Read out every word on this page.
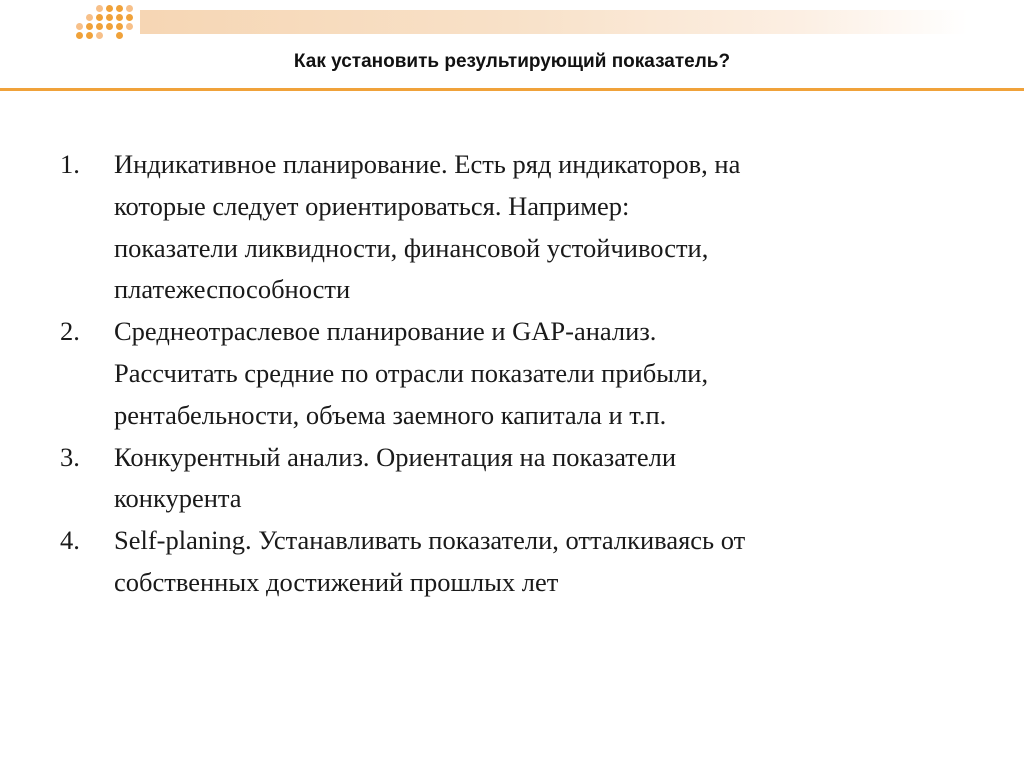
Как установить результирующий показатель?
1. Индикативное планирование. Есть ряд индикаторов, на
которые следует ориентироваться. Например:
показатели ликвидности, финансовой устойчивости,
платежеспособности
2. Среднеотраслевое планирование и GAP-анализ.
Рассчитать средние по отрасли показатели прибыли,
рентабельности, объема заемного капитала и т.п.
3. Конкурентный анализ. Ориентация на показатели
конкурента
4. Self-planing. Устанавливать показатели, отталкиваясь от
собственных достижений прошлых лет
